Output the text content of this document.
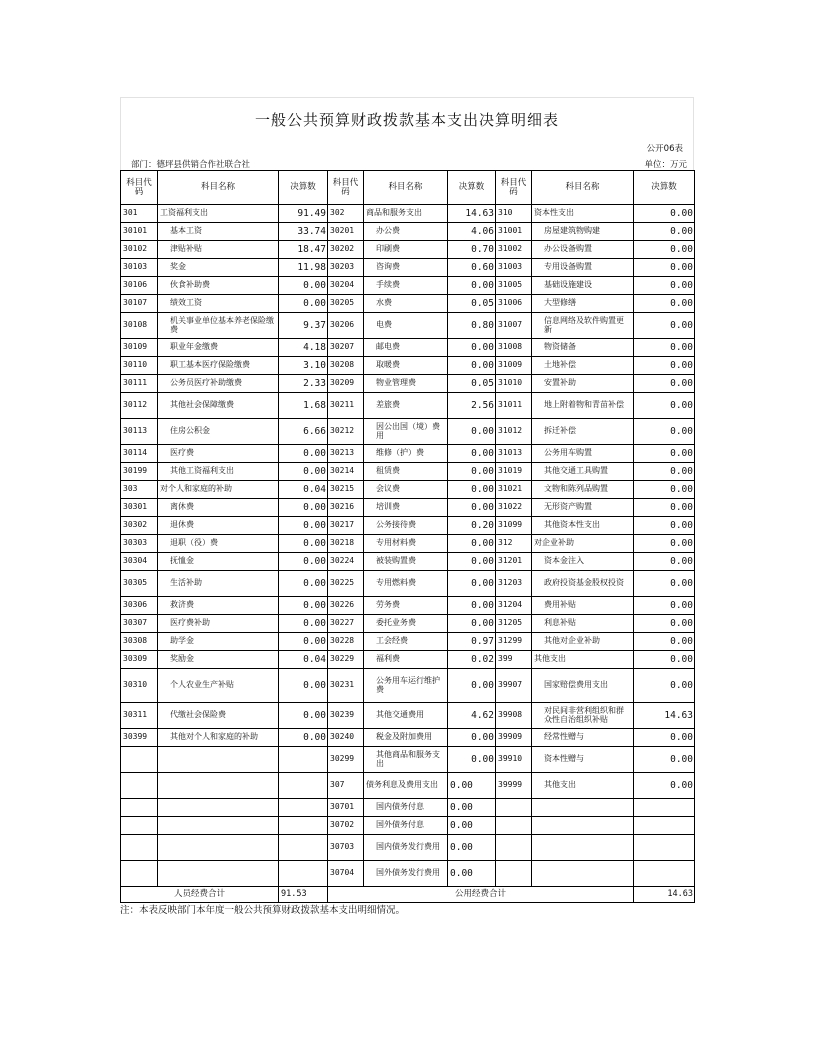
一般公共预算财政拨款基本支出决算明细表
公开06表
部门：德坪县供销合作社联合社	单位：万元
科目代码	科目名称	决算数	科目代码	科目名称	决算数	科目代码	科目名称	决算数
301	工资福利支出	91.49	302	商品和服务支出	14.63	310	资本性支出	0.00
30101	基本工资	33.74	30201	办公费	4.06	31001	房屋建筑物购建	0.00
30102	津贴补贴	18.47	30202	印刷费	0.70	31002	办公设备购置	0.00
30103	奖金	11.98	30203	咨询费	0.60	31003	专用设备购置	0.00
30106	伙食补助费	0.00	30204	手续费	0.00	31005	基础设施建设	0.00
30107	绩效工资	0.00	30205	水费	0.05	31006	大型修缮	0.00
30108	机关事业单位基本养老保险缴费	9.37	30206	电费	0.80	31007	信息网络及软件购置更新	0.00
30109	职业年金缴费	4.18	30207	邮电费	0.00	31008	物资储备	0.00
30110	职工基本医疗保险缴费	3.10	30208	取暖费	0.00	31009	土地补偿	0.00
30111	公务员医疗补助缴费	2.33	30209	物业管理费	0.05	31010	安置补助	0.00
30112	其他社会保障缴费	1.68	30211	差旅费	2.56	31011	地上附着物和青苗补偿	0.00
30113	住房公积金	6.66	30212	因公出国（境）费用	0.00	31012	拆迁补偿	0.00
30114	医疗费	0.00	30213	维修（护）费	0.00	31013	公务用车购置	0.00
30199	其他工资福利支出	0.00	30214	租赁费	0.00	31019	其他交通工具购置	0.00
303	对个人和家庭的补助	0.04	30215	会议费	0.00	31021	文物和陈列品购置	0.00
30301	离休费	0.00	30216	培训费	0.00	31022	无形资产购置	0.00
30302	退休费	0.00	30217	公务接待费	0.20	31099	其他资本性支出	0.00
30303	退职（役）费	0.00	30218	专用材料费	0.00	312	对企业补助	0.00
30304	抚恤金	0.00	30224	被装购置费	0.00	31201	资本金注入	0.00
30305	生活补助	0.00	30225	专用燃料费	0.00	31203	政府投资基金股权投资	0.00
30306	救济费	0.00	30226	劳务费	0.00	31204	费用补贴	0.00
30307	医疗费补助	0.00	30227	委托业务费	0.00	31205	利息补贴	0.00
30308	助学金	0.00	30228	工会经费	0.97	31299	其他对企业补助	0.00
30309	奖励金	0.04	30229	福利费	0.02	399	其他支出	0.00
30310	个人农业生产补贴	0.00	30231	公务用车运行维护费	0.00	39907	国家赔偿费用支出	0.00
30311	代缴社会保险费	0.00	30239	其他交通费用	4.62	39908	对民间非营利组织和群众性自治组织补贴	14.63
30399	其他对个人和家庭的补助	0.00	30240	税金及附加费用	0.00	39909	经常性赠与	0.00
			30299	其他商品和服务支出	0.00	39910	资本性赠与	0.00
			307	债务利息及费用支出	0.00	39999	其他支出	0.00
			30701	国内债务付息	0.00			
			30702	国外债务付息	0.00			
			30703	国内债务发行费用	0.00			
			30704	国外债务发行费用	0.00			
人员经费合计		91.53	公用经费合计					14.63
注：本表反映部门本年度一般公共预算财政拨款基本支出明细情况。
